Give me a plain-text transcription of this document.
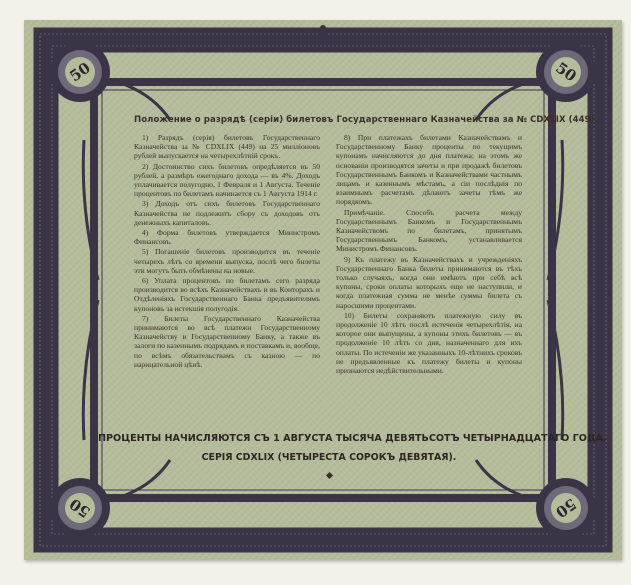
50	50
50	50
Положение о разрядѣ (серіи) билетовъ Государственнаго Казначейства за № CDXLIX (449).

1) Разрядъ (серія) билетовъ Государственнаго Казначейства за № CDXLIX (449) на 25 милліоновъ рублей выпускается на четырехлѣтній срокъ.

2) Достоинство сихъ билетовъ опредѣляется въ 50 рублей, а размѣръ ежегоднаго дохода — въ 4%. Доходъ уплачивается полугодно, 1 Февраля и 1 Августа. Теченіе процентовъ по билетамъ начинается съ 1 Августа 1914 г.

3) Доходъ отъ сихъ билетовъ Государственнаго Казначейства не подлежитъ сбору съ доходовъ отъ денежныхъ капиталовъ.

4) Форма билетовъ утверждается Министромъ Финансовъ.

5) Погашеніе билетовъ производится въ теченіе четырехъ лѣтъ со времени выпуска, послѣ чего билеты эти могутъ быть обмѣнены на новые.

6) Уплата процентовъ по билетамъ сего разряда производится во всѣхъ Казначействахъ и въ Конторахъ и Отдѣленіяхъ Государственнаго Банка предъявителямъ купоновъ за истекшія полугодія.

7) Билеты Государственнаго Казначейства принимаются во всѣ платежи Государственному Казначейству и Государственному Банку, а также въ залоги по казеннымъ подрядамъ и поставкамъ и, вообще, по всѣмъ обязательствамъ съ казною — по нарицательной цѣнѣ.

8) При платежахъ билетами Казначействамъ и Государственному Банку проценты по текущимъ купонамъ начисляются до дня платежа; на этомъ же основаніи производятся зачеты и при продажѣ билетовъ Государственнымъ Банкомъ и Казначействами частнымъ лицамъ и казеннымъ мѣстамъ, а сіи послѣднія по взаимнымъ расчетамъ дѣлаютъ зачеты тѣмъ же порядкомъ.

Примѣчаніе. Способъ расчета между Государственнымъ Банкомъ и Государственнымъ Казначействомъ по билетамъ, принятымъ Государственнымъ Банкомъ, устанавливается Министромъ Финансовъ.

9) Къ платежу въ Казначействахъ и учрежденіяхъ Государственнаго Банка билеты принимаются въ тѣхъ только случаяхъ, когда они имѣютъ при себѣ всѣ купоны, сроки оплаты которыхъ еще не наступили, и когда платежная сумма не менѣе суммы билета съ наросшими процентами.

10) Билеты сохраняютъ платежную силу въ продолженіе 10 лѣтъ послѣ истеченія четырехлѣтія, на которое они выпущены, а купоны этихъ билетовъ — въ продолженіе 10 лѣтъ со дня, назначеннаго для ихъ оплаты. По истеченіи же указанныхъ 10-лѣтнихъ сроковъ не предъявленные къ платежу билеты и купоны признаются недѣйствительными.

ПРОЦЕНТЫ НАЧИСЛЯЮТСЯ СЪ 1 АВГУСТА ТЫСЯЧА ДЕВЯТЬСОТЪ ЧЕТЫРНАДЦАТАГО ГОДА.
СЕРІЯ CDXLIX (ЧЕТЫРЕСТА СОРОКЪ ДЕВЯТАЯ).
